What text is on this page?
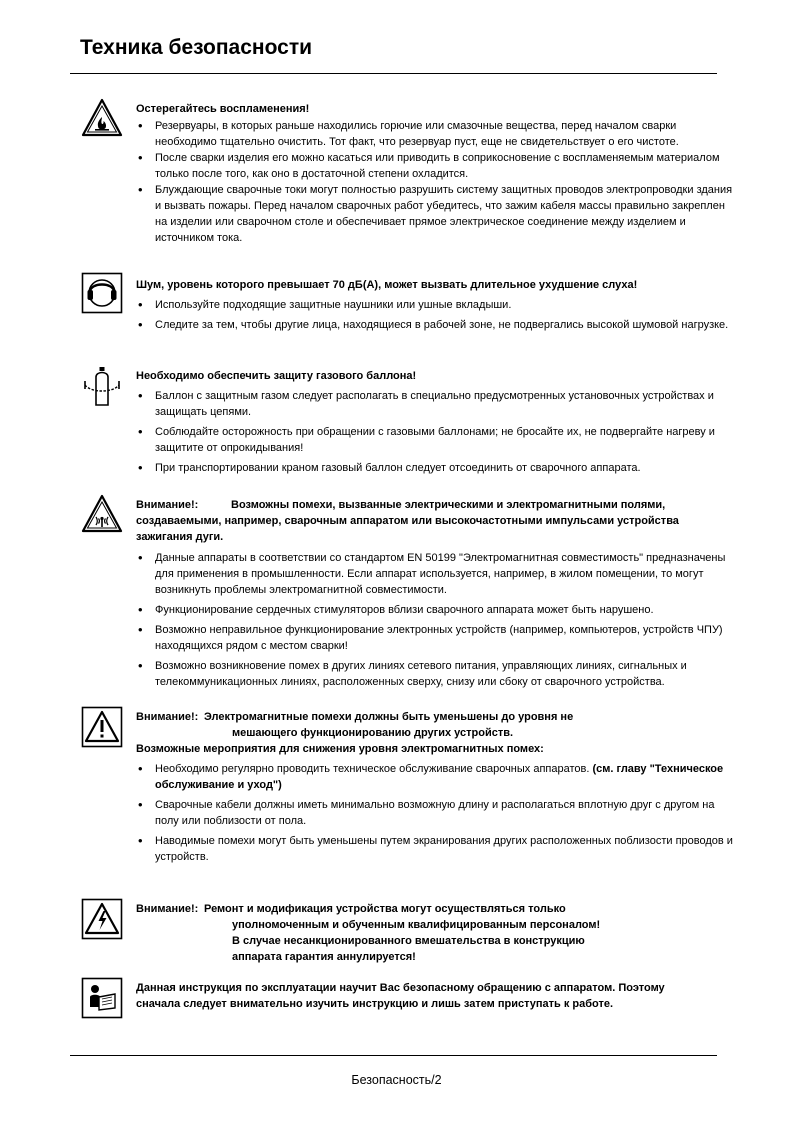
Техника безопасности

Остерегайтесь воспламенения!

• Резервуары, в которых раньше находились горючие или смазочные вещества, перед началом сварки необходимо тщательно очистить. Тот факт, что резервуар пуст, еще не свидетельствует о его чистоте.
• После сварки изделия его можно касаться или приводить в соприкосновение с воспламеняемым материалом только после того, как оно в достаточной степени охладится.
• Блуждающие сварочные токи могут полностью разрушить систему защитных проводов электропроводки здания и вызвать пожары. Перед началом сварочных работ убедитесь, что зажим кабеля массы правильно закреплен на изделии или сварочном столе и обеспечивает прямое электрическое соединение между изделием и источником тока.

Шум, уровень которого превышает 70 дБ(А), может вызвать длительное ухудшение слуха!

• Используйте подходящие защитные наушники или ушные вкладыши.
• Следите за тем, чтобы другие лица, находящиеся в рабочей зоне, не подвергались высокой шумовой нагрузке.

Необходимо обеспечить защиту газового баллона!

• Баллон с защитным газом следует располагать в специально предусмотренных установочных устройствах и защищать цепями.
• Соблюдайте осторожность при обращении с газовыми баллонами; не бросайте их, не подвергайте нагреву и защитите от опрокидывания!
• При транспортировании краном газовый баллон следует отсоединить от сварочного аппарата.

Внимание!:	Возможны помехи, вызванные электрическими и электромагнитными полями,

создаваемыми, например, сварочным аппаратом или высокочастотными импульсами устройства

зажигания дуги.

• Данные аппараты в соответствии со стандартом EN 50199 "Электромагнитная совместимость" предназначены для применения в промышленности. Если аппарат используется, например, в жилом помещении, то могут возникнуть проблемы электромагнитной совместимости.
• Функционирование сердечных стимуляторов вблизи сварочного аппарата может быть нарушено.
• Возможно неправильное функционирование электронных устройств (например, компьютеров, устройств ЧПУ) находящихся рядом с местом сварки!
• Возможно возникновение помех в других линиях сетевого питания, управляющих линиях, сигнальных и телекоммуникационных линиях, расположенных сверху, снизу или сбоку от сварочного устройства.

Внимание!: Электромагнитные помехи должны быть уменьшены до уровня не

мешающего функционированию других устройств.

Возможные мероприятия для снижения уровня электромагнитных помех:

• Необходимо регулярно проводить техническое обслуживание сварочных аппаратов. (см. главу "Техническое обслуживание и уход")
• Сварочные кабели должны иметь минимально возможную длину и располагаться вплотную друг с другом на полу или поблизости от пола.
• Наводимые помехи могут быть уменьшены путем экранирования других расположенных поблизости проводов и устройств.

Внимание!: Ремонт и модификация устройства могут осуществляться только

уполномоченным и обученным квалифицированным персоналом!

В случае несанкционированного вмешательства в конструкцию

аппарата гарантия аннулируется!

Данная инструкция по эксплуатации научит Вас безопасному обращению с аппаратом. Поэтому сначала следует внимательно изучить инструкцию и лишь затем приступать к работе.

Безопасность/2
